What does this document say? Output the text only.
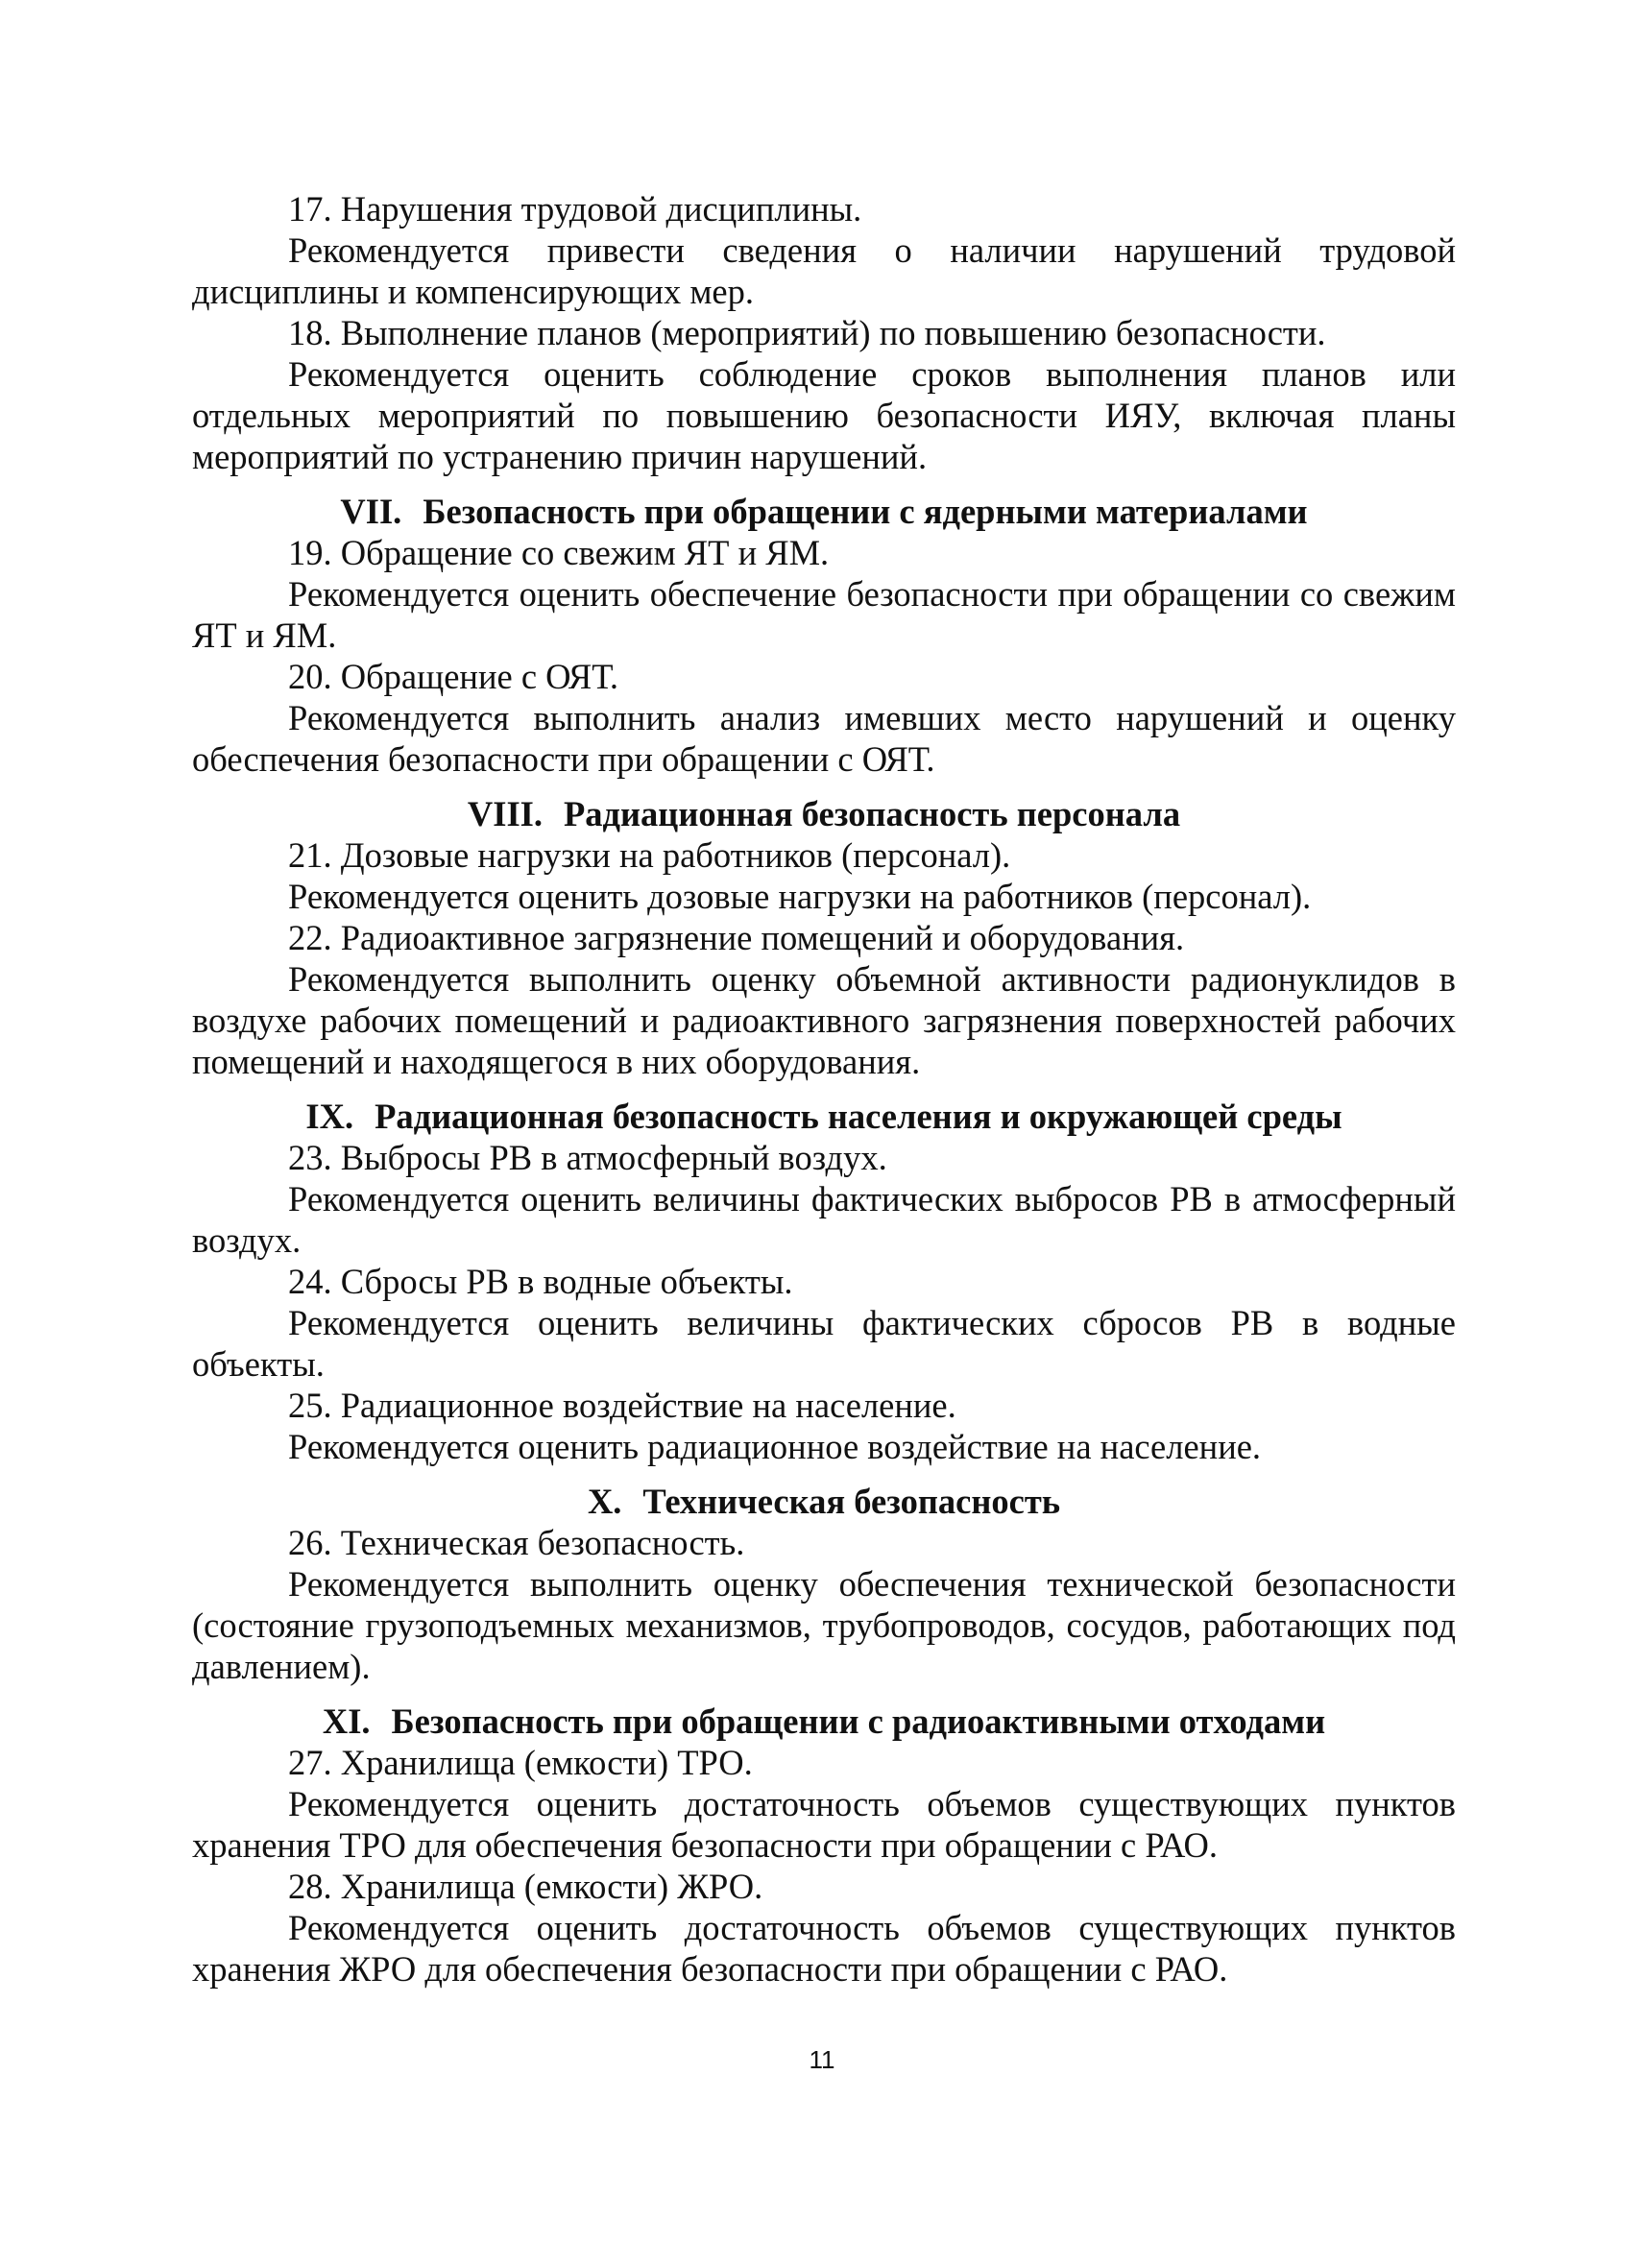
17. Нарушения трудовой дисциплины.

Рекомендуется привести сведения о наличии нарушений трудовой дисциплины и компенсирующих мер.

18. Выполнение планов (мероприятий) по повышению безопасности.

Рекомендуется оценить соблюдение сроков выполнения планов или отдельных мероприятий по повышению безопасности ИЯУ, включая планы мероприятий по устранению причин нарушений.

VII. Безопасность при обращении с ядерными материалами

19. Обращение со свежим ЯТ и ЯМ.

Рекомендуется оценить обеспечение безопасности при обращении со свежим ЯТ и ЯМ.

20. Обращение с ОЯТ.

Рекомендуется выполнить анализ имевших место нарушений и оценку обеспечения безопасности при обращении с ОЯТ.

VIII. Радиационная безопасность персонала

21. Дозовые нагрузки на работников (персонал).

Рекомендуется оценить дозовые нагрузки на работников (персонал).

22. Радиоактивное загрязнение помещений и оборудования.

Рекомендуется выполнить оценку объемной активности радионуклидов в воздухе рабочих помещений и радиоактивного загрязнения поверхностей рабочих помещений и находящегося в них оборудования.

IX. Радиационная безопасность населения и окружающей среды

23. Выбросы РВ в атмосферный воздух.

Рекомендуется оценить величины фактических выбросов РВ в атмосферный воздух.

24. Сбросы РВ в водные объекты.

Рекомендуется оценить величины фактических сбросов РВ в водные объекты.

25. Радиационное воздействие на население.

Рекомендуется оценить радиационное воздействие на население.

X. Техническая безопасность

26. Техническая безопасность.

Рекомендуется выполнить оценку обеспечения технической безопасности (состояние грузоподъемных механизмов, трубопроводов, сосудов, работающих под давлением).

XI. Безопасность при обращении с радиоактивными отходами

27. Хранилища (емкости) ТРО.

Рекомендуется оценить достаточность объемов существующих пунктов хранения ТРО для обеспечения безопасности при обращении с РАО.

28. Хранилища (емкости) ЖРО.

Рекомендуется оценить достаточность объемов существующих пунктов хранения ЖРО для обеспечения безопасности при обращении с РАО.

11
